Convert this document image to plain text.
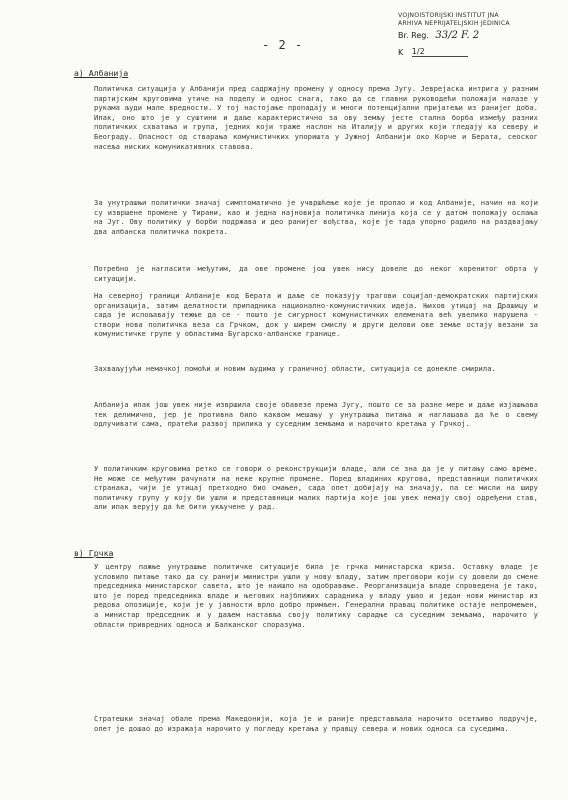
VOJNOISTORIJSKI INSTITUT JNA
ARHIVA NEPRIJATELJSKIH JEDINICA
Br. Reg. 33/2 F. 2
K 1/2
- 2 -
а) Албанија

Политичка ситуација у Албанији пред садржајну промену у односу према Југу. Јеврејаска интрига у разним партијским круговима утиче на поделу и однос снага, тако да се главни руководећи положаји налазе у рукама људи мале вредности. У тој настојање пропадају и многи потенцијални пријатељи из ранијег доба. Ипак, оно што је у суштини и даље карактеристично за ову земљу јесте стална борба између разних политичких схватања и група, једних који траже наслон на Италију и других који гледају ка северу и Београду. Опасност од стварања комунистичких упоришта у Јужној Албанији око Корче и Берата, сеоскoг насеља ниских комуникативних ставова.

За унутрашњи политички значај симптоматично је учвршћење које је пропао и код Албаније, начин на који су извршене промене у Тирани, као и једна најновија политичка линија која се у датом положају ослања на Југ. Ову политику у борби подржава и део ранијег вођства, које је тада упорно радило на раздвајању два албанска политичка покрета.

Потребно је нагласити међутим, да ове промене још увек нису довеле до неког коренитог обрта у ситуацији.

На северној граници Албаније код Берата и даље се показују трагови социјал-демократских партијских организација, затим делатности припадника национално-комунистичких идеја. Њихов утицај на Драшицу и сада је испољавају тежње да се - пошто је сигурност комунистичких елемената већ увелико нарушена - створи нова политичка веза са Грчком, док у ширем смислу и други делови ове земље остају везани за комунистичке групе у областима Бугарско-албанске границе.

Захваљујући немачкој помоћи и новим људима у граничној области, ситуација се донекле смирила.

Албанија ипак још увек није извршила своје обавезе према Југу, пошто се за разне мере и даље изјашњава тек делимично, јер је противна било каквом мешању у унутрашња питања и наглашава да ће о свему одлучивати сама, пратећи развој прилика у суседним земљама и нарочито кретања у Грчкој.

У политичким круговима ретко се говори о реконструкцији владе, али се зна да је у питању само време. Не може се међутим рачунати на неке крупне промене. Поред владиних кругова, представници политичких странака, чији је утицај претходно био смањен, сада опет добијају на значају, па се мисли на ширу политичку групу у коју би ушли и представници малих партија које још увек немају свој одређени став, али ипак верују да ће бити укључене у рад.

в) Грчка

У центру пажње унутрашње политичке ситуације била је грчка министарска криза. Оставку владе је условило питање тако да су ранији министри ушли у нову владу, затим преговори који су довели до смене председника министарског савета, што је наишло на одобравање. Реорганизација владе спроведена је тако, што је поред председника владе и његових најближих сарадника у владу ушао и један нови министар из редова опозиције, који је у јавности врло добро примљен. Генерални правац политике остаје непромењен, а министар председник и у даљем наставља своју политику сарадње са суседним земљама, нарочито у области привредних односа и Балканског споразума.

Стратешки значај обале према Македонији, која је и раније представљала нарочито осетљиво подручје, опет је дошао до изражаја нарочито у погледу кретања у правцу севера и нових односа са суседима.
